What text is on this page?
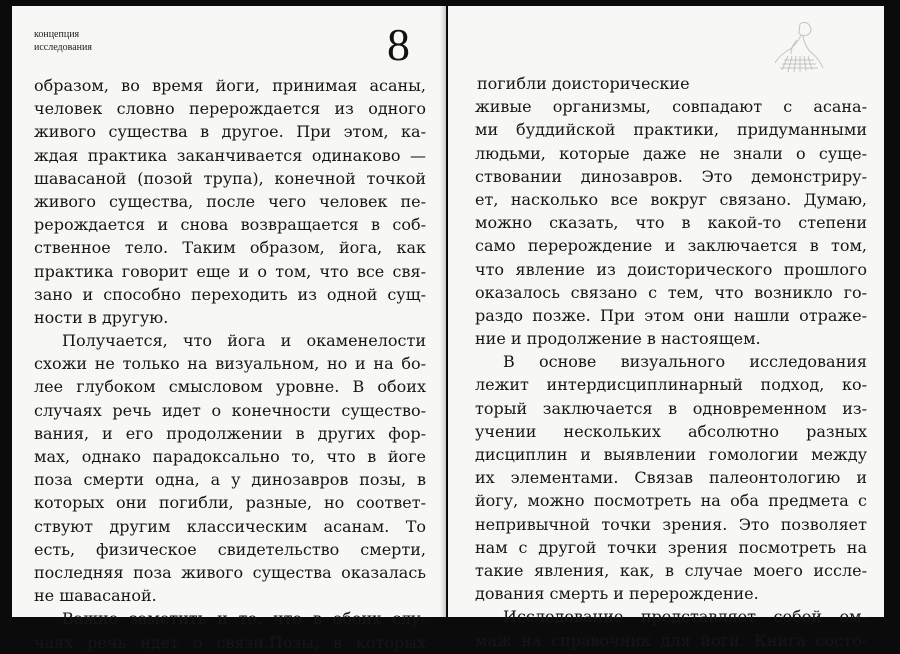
концепция
исследования	8
образом, во время йоги, принимая асаны,
человек словно перерождается из одного
живого существа в другое. При этом, ка-
ждая практика заканчивается одинаково —
шавасаной (позой трупа), конечной точкой
живого существа, после чего человек пе-
рерождается и снова возвращается в соб-
ственное тело. Таким образом, йога, как
практика говорит еще и о том, что все свя-
зано и способно переходить из одной сущ-
ности в другую.
Получается, что йога и окаменелости
схожи не только на визуальном, но и на бо-
лее глубоком смысловом уровне. В обоих
случаях речь идет о конечности существо-
вания, и его продолжении в других фор-
мах, однако парадоксально то, что в йоге
поза смерти одна, а у динозавров позы, в
которых они погибли, разные, но соответ-
ствуют другим классическим асанам. То
есть, физическое свидетельство смерти,
последняя поза живого существа оказалась
не шавасаной.
Важно заметить и то, что в обоих слу-
чаях речь идет о связи.Позы, в которых
погибли доисторические
живые организмы, совпадают с асана-
ми буддийской практики, придуманными
людьми, которые даже не знали о суще-
ствовании динозавров. Это демонстриру-
ет, насколько все вокруг связано. Думаю,
можно сказать, что в какой-то степени
само перерождение и заключается в том,
что явление из доисторического прошлого
оказалось связано с тем, что возникло го-
раздо позже. При этом они нашли отраже-
ние и продолжение в настоящем.
В основе визуального исследования
лежит интердисциплинарный подход, ко-
торый заключается в одновременном из-
учении нескольких абсолютно разных
дисциплин и выявлении гомологии между
их элементами. Связав палеонтологию и
йогу, можно посмотреть на оба предмета с
непривычной точки зрения. Это позволяет
нам с другой точки зрения посмотреть на
такие явления, как, в случае моего иссле-
дования смерть и перерождение.
Исследование представляет собой ом-
маж на справочник для йоги. Книга состо-
